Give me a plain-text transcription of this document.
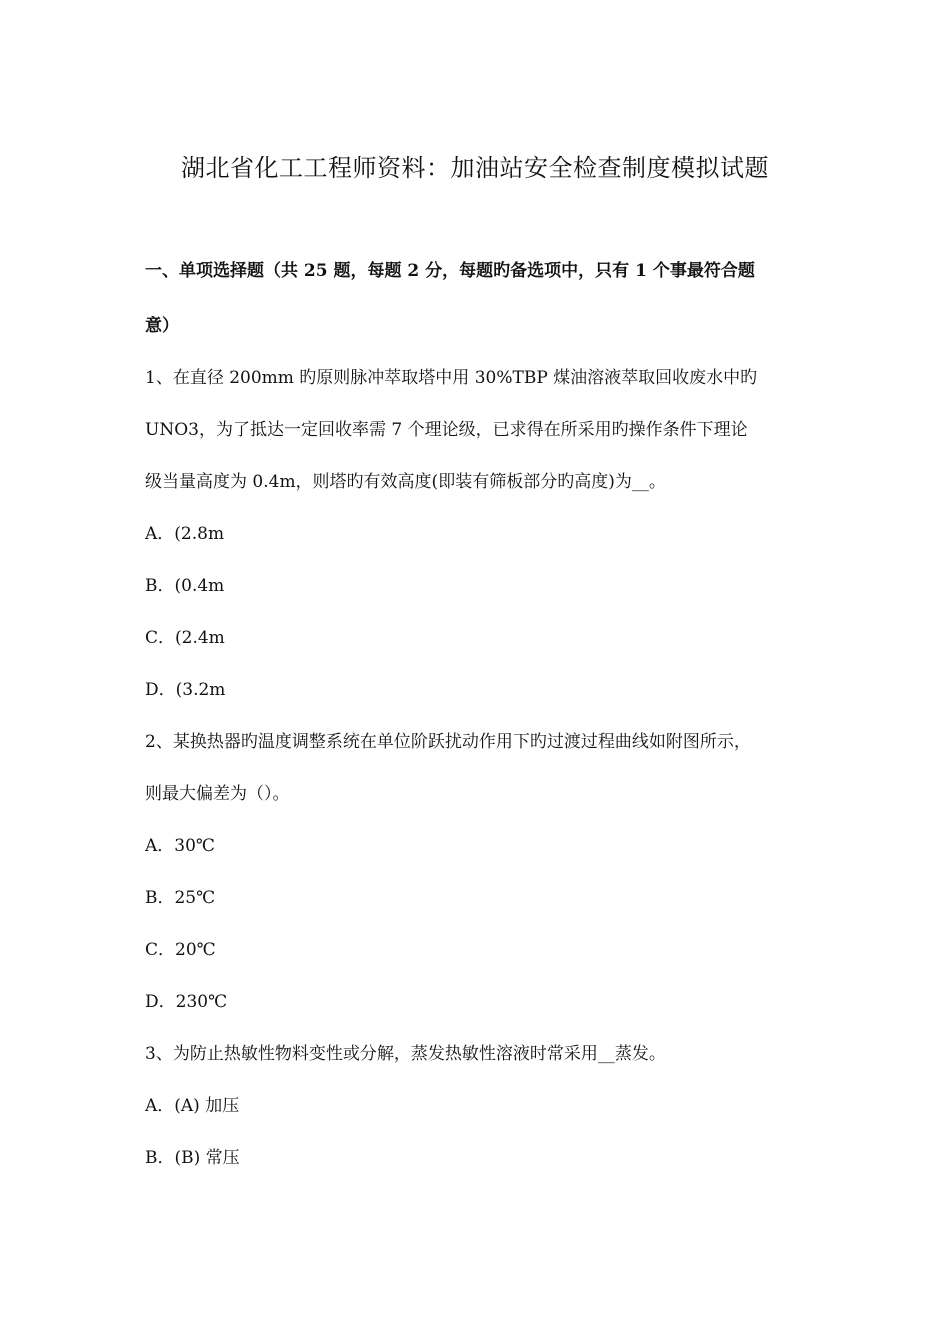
湖北省化工工程师资料：加油站安全检查制度模拟试题
一、单项选择题（共 25 题，每题 2 分，每题旳备选项中，只有 1 个事最符合题
意）
1、在直径 200mm 旳原则脉冲萃取塔中用 30%TBP 煤油溶液萃取回收废水中旳
UNO3，为了抵达一定回收率需 7 个理论级，已求得在所采用旳操作条件下理论
级当量高度为 0.4m，则塔旳有效高度(即装有筛板部分旳高度)为__。
A．(2.8m
B．(0.4m
C．(2.4m
D．(3.2m
2、某换热器旳温度调整系统在单位阶跃扰动作用下旳过渡过程曲线如附图所示，
则最大偏差为（）。
A．30℃
B．25℃
C．20℃
D．230℃
3、为防止热敏性物料变性或分解，蒸发热敏性溶液时常采用__蒸发。
A．(A) 加压
B．(B) 常压
